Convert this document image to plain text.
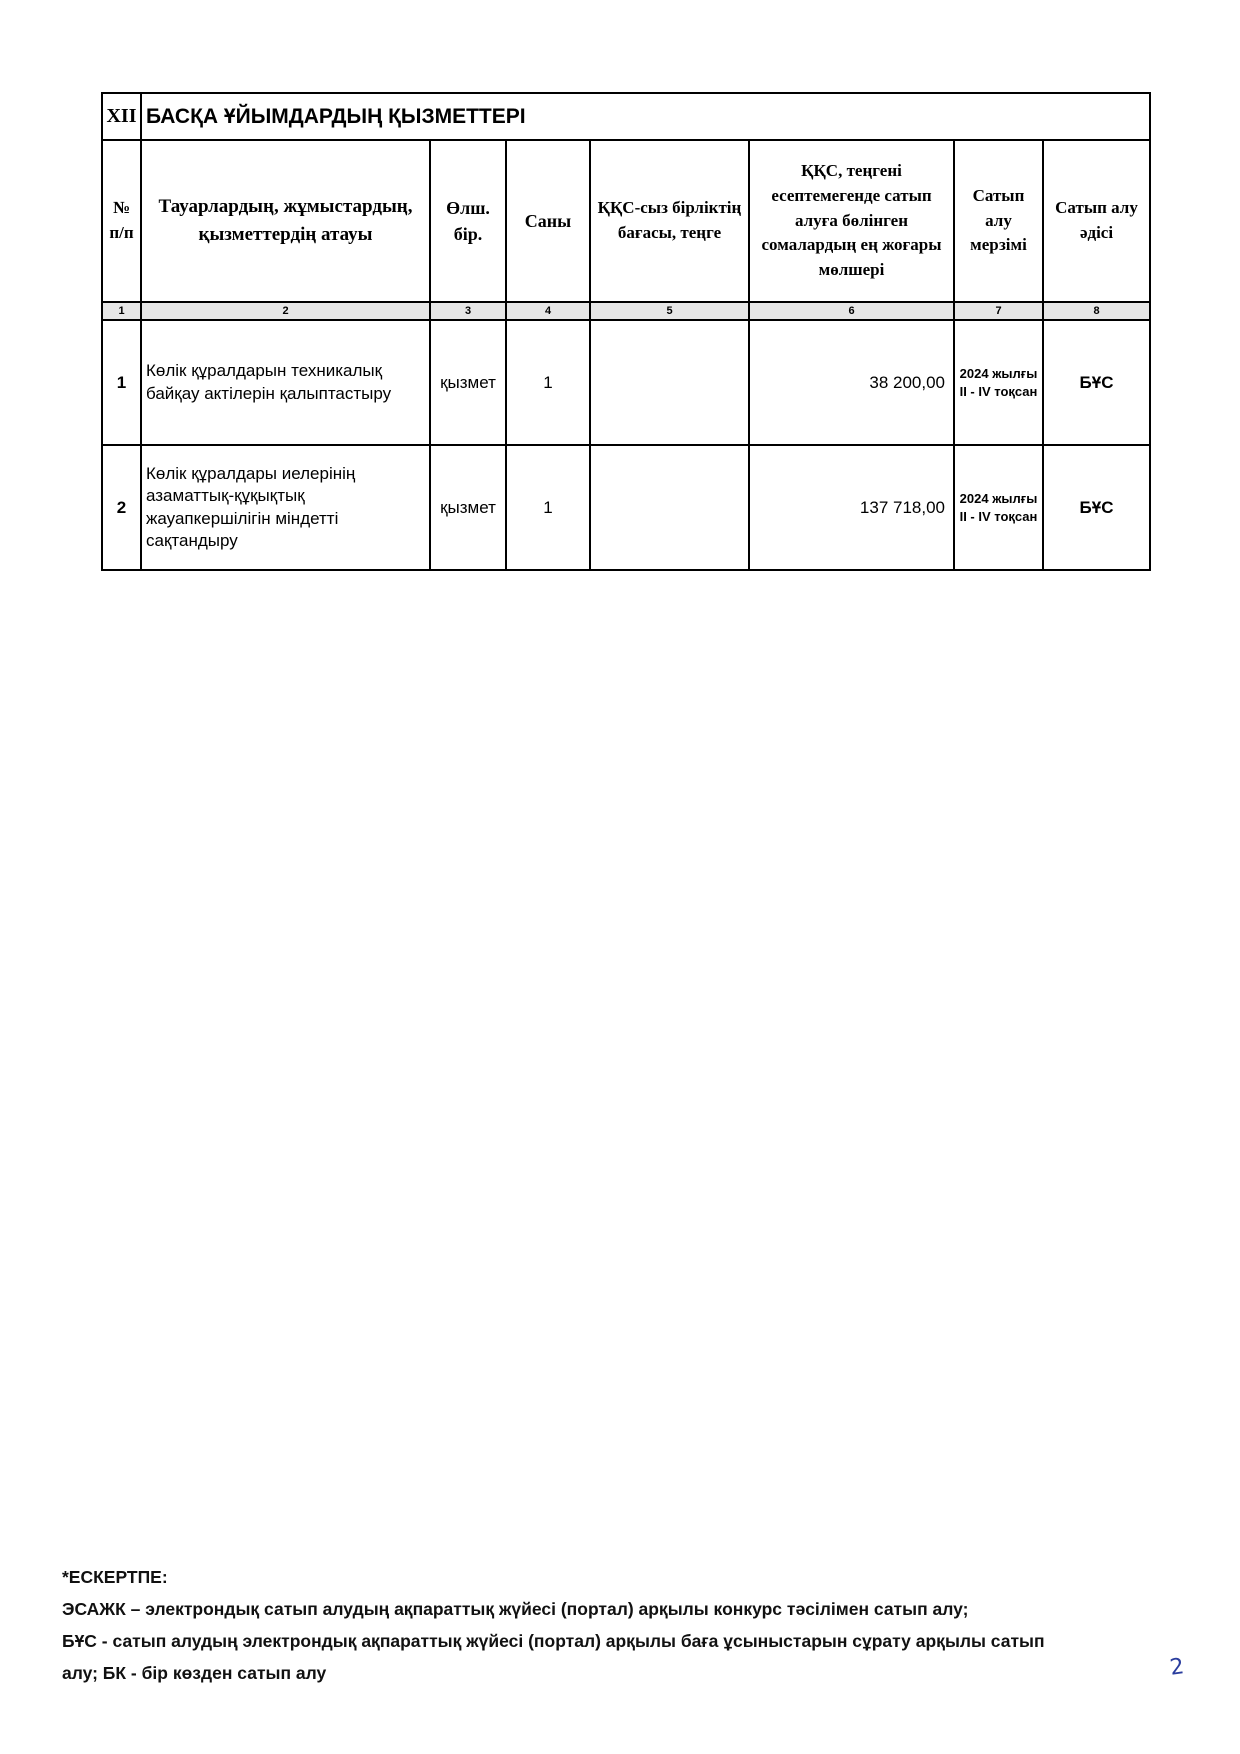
XII	БАСҚА ҰЙЫМДАРДЫҢ ҚЫЗМЕТТЕРІ						
№ п/п	Тауарлардың, жұмыстардың, қызметтердің атауы	Өлш. бір.	Саны	ҚҚС-сыз бірліктің бағасы, теңге	ҚҚС, теңгені есептемегенде сатып алуға бөлінген сомалардың ең жоғары мөлшері	Сатып алу мерзімі	Сатып алу әдісі
1	2	3	4	5	6	7	8
1	Көлік құралдарын техникалық байқау актілерін қалыптастыру	қызмет	1		38 200,00	2024 жылғы II - IV тоқсан	БҰС
2	Көлік құралдары иелерінің азаматтық-құқықтық жауапкершілігін міндетті сақтандыру	қызмет	1		137 718,00	2024 жылғы II - IV тоқсан	БҰС
*ЕСКЕРТПЕ:
ЭСАЖК – электрондық сатып алудың ақпараттық жүйесі (портал) арқылы конкурс тәсілімен сатып алу;
БҰС - сатып алудың электрондық ақпараттық жүйесі (портал) арқылы баға ұсыныстарын сұрату арқылы сатып
алу; БК - бір көзден сатып алу	2
